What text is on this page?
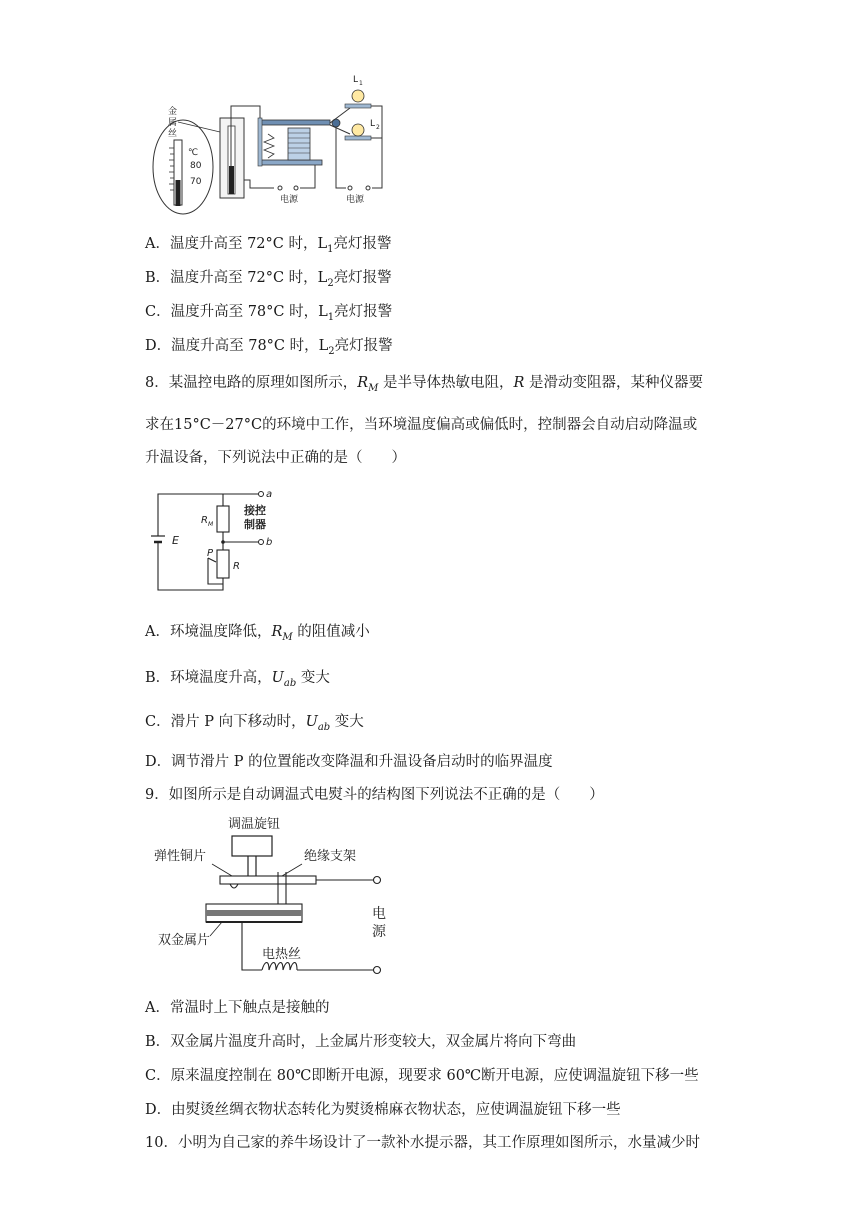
℃
80
70
金
属
丝
电源
L 1
L 2
电源
A．温度升高至 72°C 时，$L_1$亮灯报警
B．温度升高至 72°C 时，$L_2$亮灯报警
C．温度升高至 78°C 时，$L_1$亮灯报警
D．温度升高至 78°C 时，$L_2$亮灯报警
8．某温控电路的原理如图所示，$R_M$ 是半导体热敏电阻，R 是滑动变阻器，某种仪器要
求在15°C－27°C的环境中工作，当环境温度偏高或偏低时，控制器会自动启动降温或
升温设备，下列说法中正确的是（　　）
E
R M
P
R
a
b
接控
制器
A．环境温度降低，$R_M$ 的阻值减小
B．环境温度升高，$U_{ab}$ 变大
C．滑片 P 向下移动时，$U_{ab}$ 变大
D．调节滑片 P 的位置能改变降温和升温设备启动时的临界温度
9．如图所示是自动调温式电熨斗的结构图下列说法不正确的是（　　）
调温旋钮
弹性铜片	绝缘支架
双金属片
电热丝
电
源
A．常温时上下触点是接触的
B．双金属片温度升高时，上金属片形变较大，双金属片将向下弯曲
C．原来温度控制在 80℃即断开电源，现要求 60℃断开电源，应使调温旋钮下移一些
D．由熨烫丝绸衣物状态转化为熨烫棉麻衣物状态，应使调温旋钮下移一些
10．小明为自己家的养牛场设计了一款补水提示器，其工作原理如图所示，水量减少时
